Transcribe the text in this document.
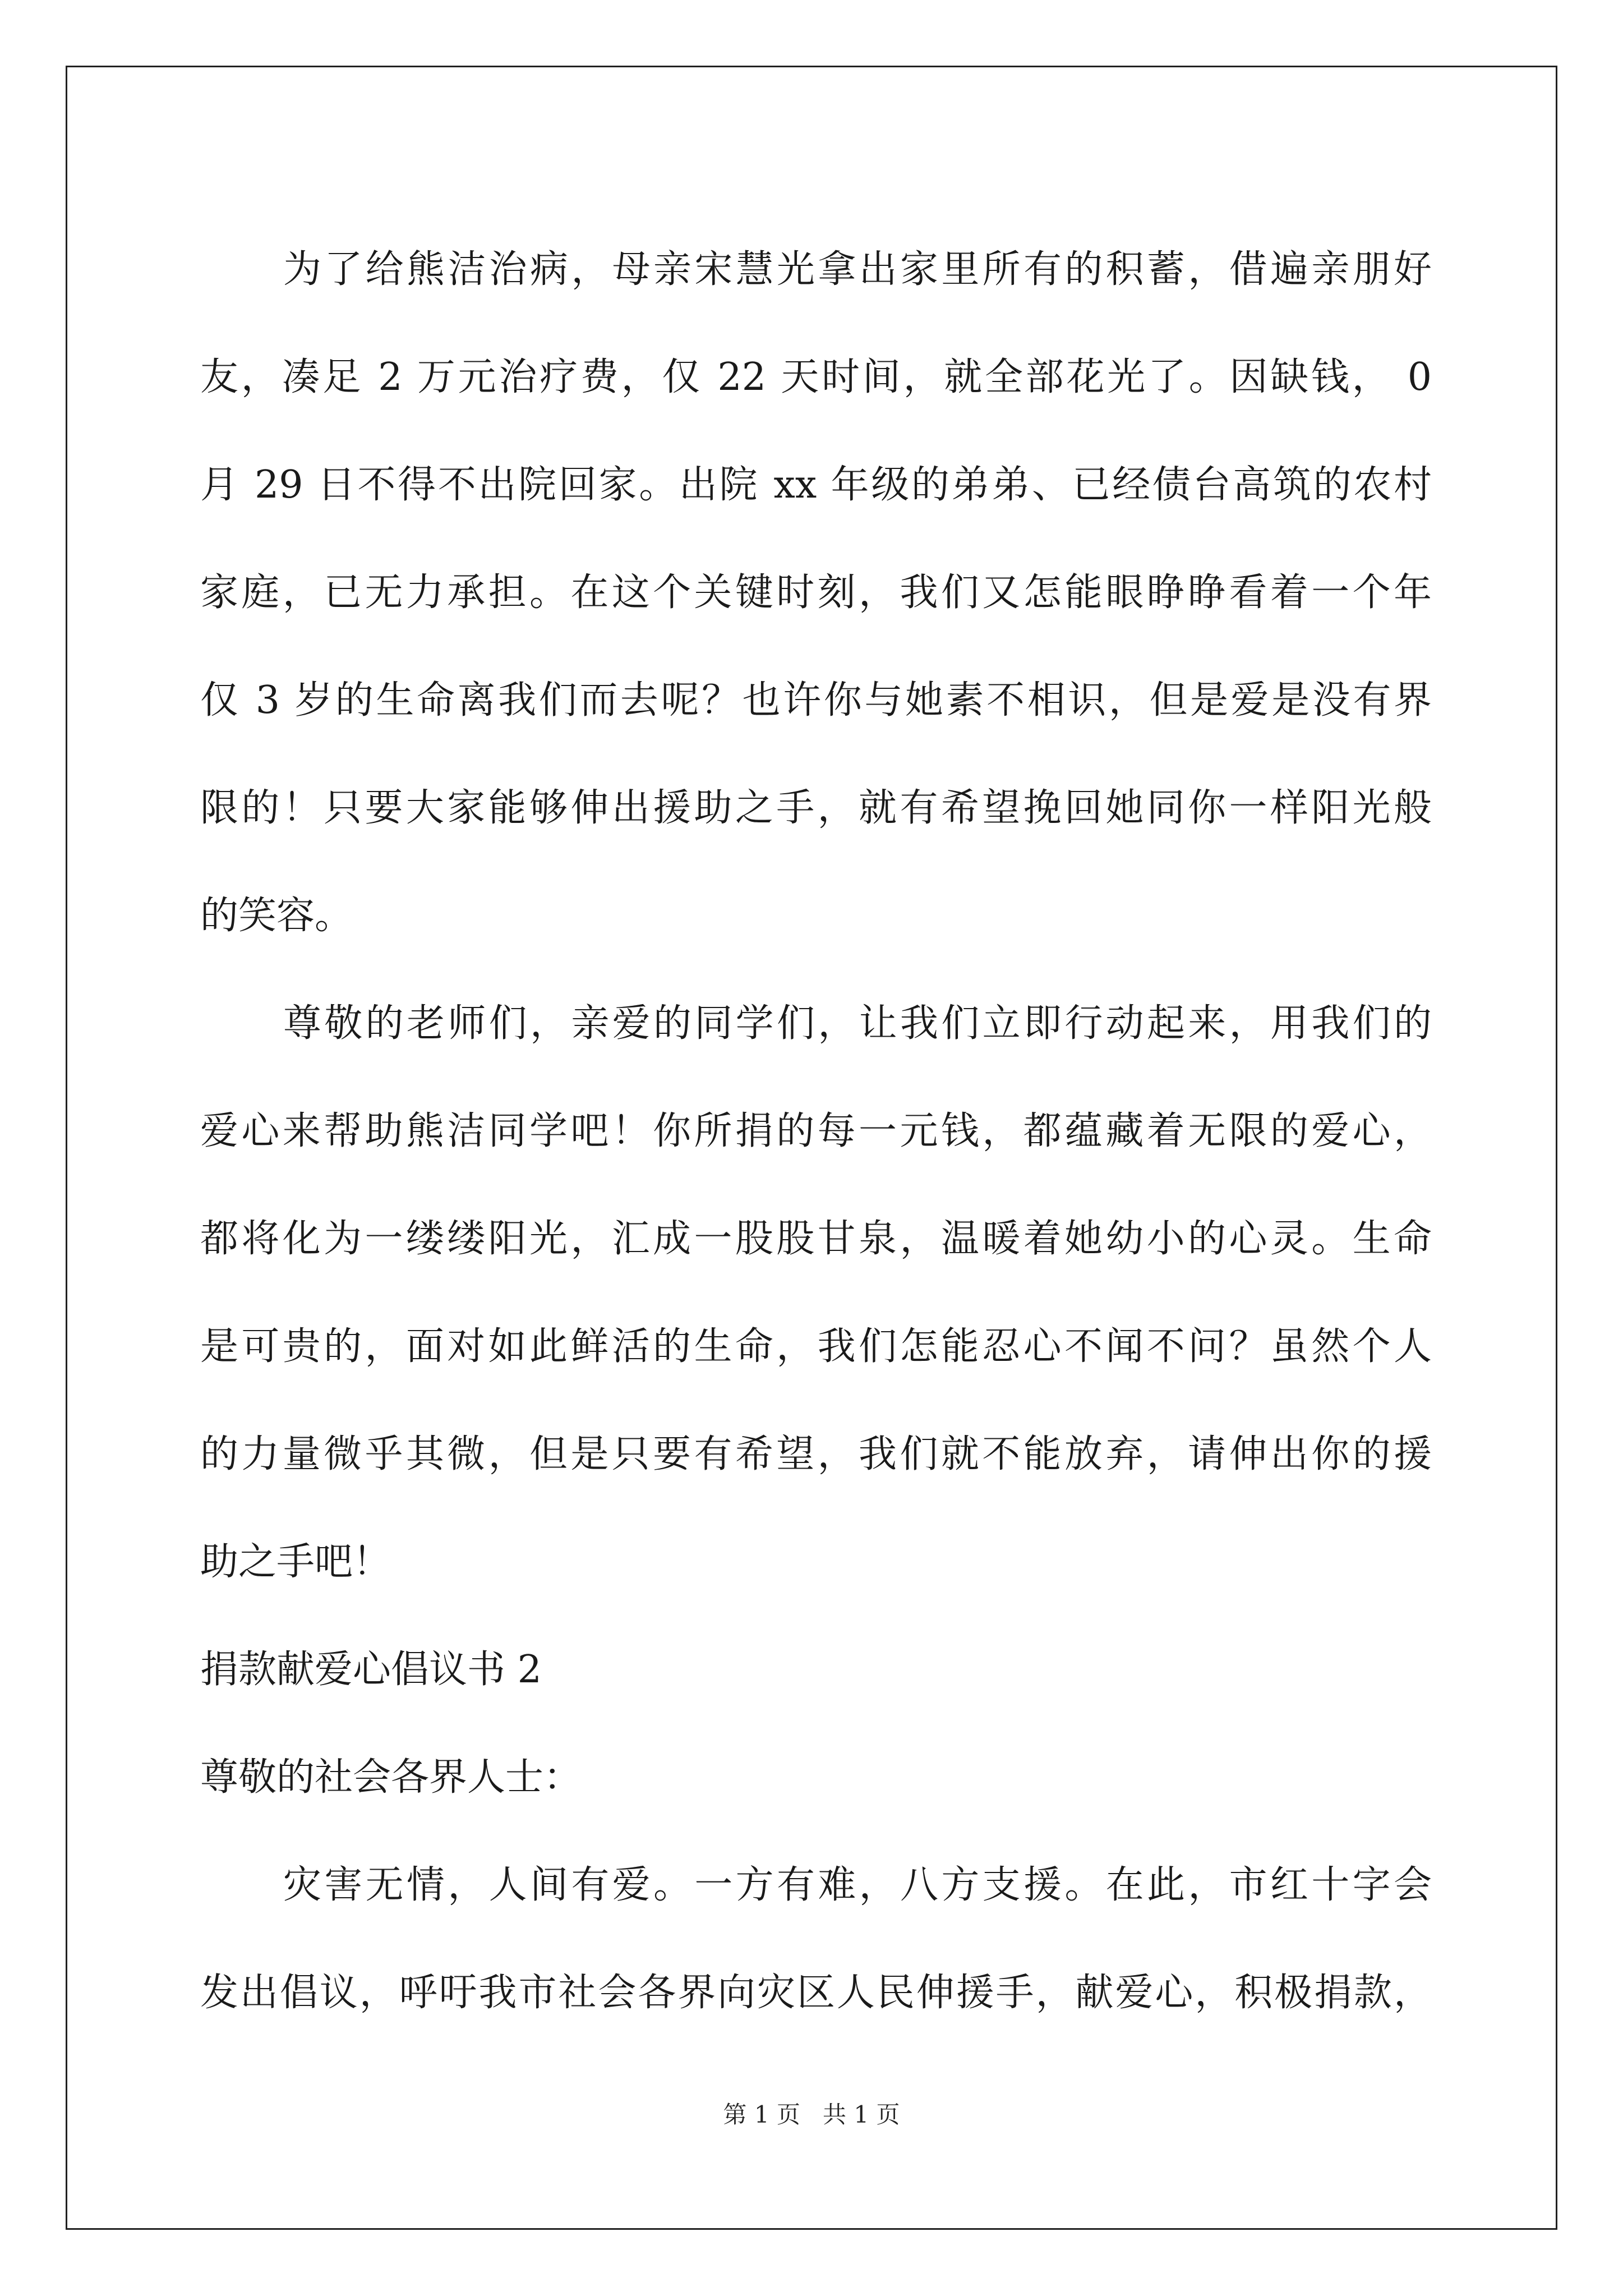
为了给熊洁治病，母亲宋慧光拿出家里所有的积蓄，借遍亲朋好
友，凑足 2 万元治疗费，仅 22 天时间，就全部花光了。因缺钱， 0
月 29 日不得不出院回家。出院 xx 年级的弟弟、已经债台高筑的农村
家庭，已无力承担。在这个关键时刻，我们又怎能眼睁睁看着一个年
仅 3 岁的生命离我们而去呢？也许你与她素不相识，但是爱是没有界
限的！只要大家能够伸出援助之手，就有希望挽回她同你一样阳光般
的笑容。
尊敬的老师们，亲爱的同学们，让我们立即行动起来，用我们的
爱心来帮助熊洁同学吧！你所捐的每一元钱，都蕴藏着无限的爱心，
都将化为一缕缕阳光，汇成一股股甘泉，温暖着她幼小的心灵。生命
是可贵的，面对如此鲜活的生命，我们怎能忍心不闻不问？虽然个人
的力量微乎其微，但是只要有希望，我们就不能放弃，请伸出你的援
助之手吧！
捐款献爱心倡议书 2
尊敬的社会各界人士：
灾害无情，人间有爱。一方有难，八方支援。在此，市红十字会
发出倡议，呼吁我市社会各界向灾区人民伸援手，献爱心，积极捐款，
第 1 页   共 1 页
